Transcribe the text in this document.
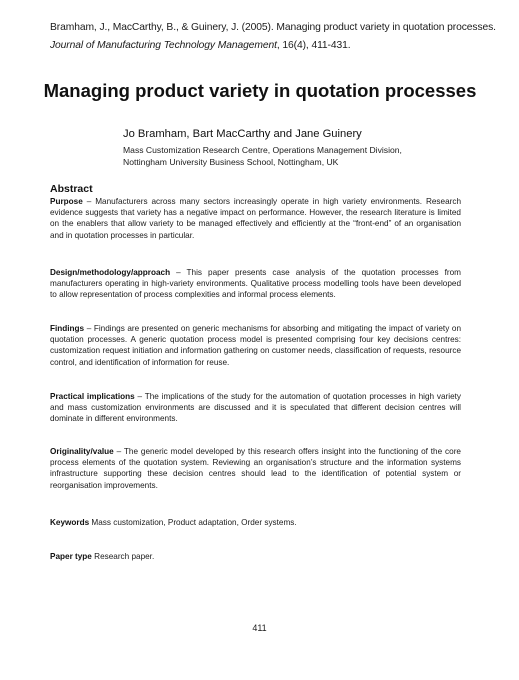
Bramham, J., MacCarthy, B., & Guinery, J. (2005). Managing product variety in quotation processes.
Journal of Manufacturing Technology Management, 16(4), 411-431.
Managing product variety in quotation processes
Jo Bramham, Bart MacCarthy and Jane Guinery
Mass Customization Research Centre, Operations Management Division,
Nottingham University Business School, Nottingham, UK
Abstract
Purpose – Manufacturers across many sectors increasingly operate in high variety environments. Research evidence suggests that variety has a negative impact on performance. However, the research literature is limited on the enablers that allow variety to be managed effectively and efficiently at the “front-end” of an organisation and in quotation processes in particular.
Design/methodology/approach – This paper presents case analysis of the quotation processes from manufacturers operating in high-variety environments. Qualitative process modelling tools have been developed to allow representation of process complexities and informal process elements.
Findings – Findings are presented on generic mechanisms for absorbing and mitigating the impact of variety on quotation processes. A generic quotation process model is presented comprising four key decisions centres: customization request initiation and information gathering on customer needs, classification of requests, resource control, and identification of information for reuse.
Practical implications – The implications of the study for the automation of quotation processes in high variety and mass customization environments are discussed and it is speculated that different decision centres will dominate in different environments.
Originality/value – The generic model developed by this research offers insight into the functioning of the core process elements of the quotation system. Reviewing an organisation’s structure and the information systems infrastructure supporting these decision centres should lead to the identification of potential system or reorganisation improvements.
Keywords Mass customization, Product adaptation, Order systems.
Paper type Research paper.
411
